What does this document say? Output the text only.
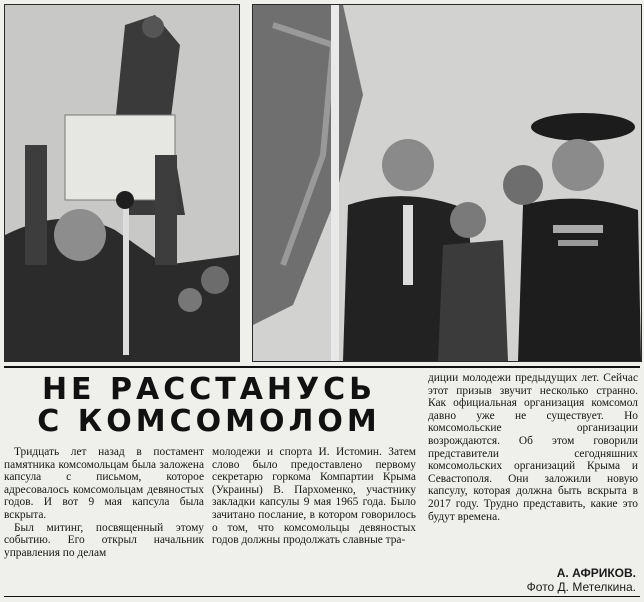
НЕ РАССТАНУСЬ
С КОМСОМОЛОМ

Тридцать лет назад в постамент памятника комсомольцам была заложена капсула с письмом, которое адресовалось комсомольцам девяностых годов. И вот 9 мая капсула была вскрыта.

Был митинг, посвященный этому событию. Его открыл начальник управления по делам

молодежи и спорта И. Истомин. Затем слово было предоставлено первому секретарю горкома Компартии Крыма (Украины) В. Пархоменко, участнику закладки капсулы 9 мая 1965 года. Было зачитано послание, в котором говорилось о том, что комсомольцы девяностых годов должны продолжать славные тра-

диции молодежи предыдущих лет. Сейчас этот призыв звучит несколько странно. Как официальная организация комсомол давно уже не существует. Но комсомольские организации возрождаются. Об этом говорили представители сегодняшних комсомольских организаций Крыма и Севастополя. Они заложили новую капсулу, которая должна быть вскрыта в 2017 году. Трудно представить, какие это будут времена.

А. АФРИКОВ.
Фото Д. Метелкина.
